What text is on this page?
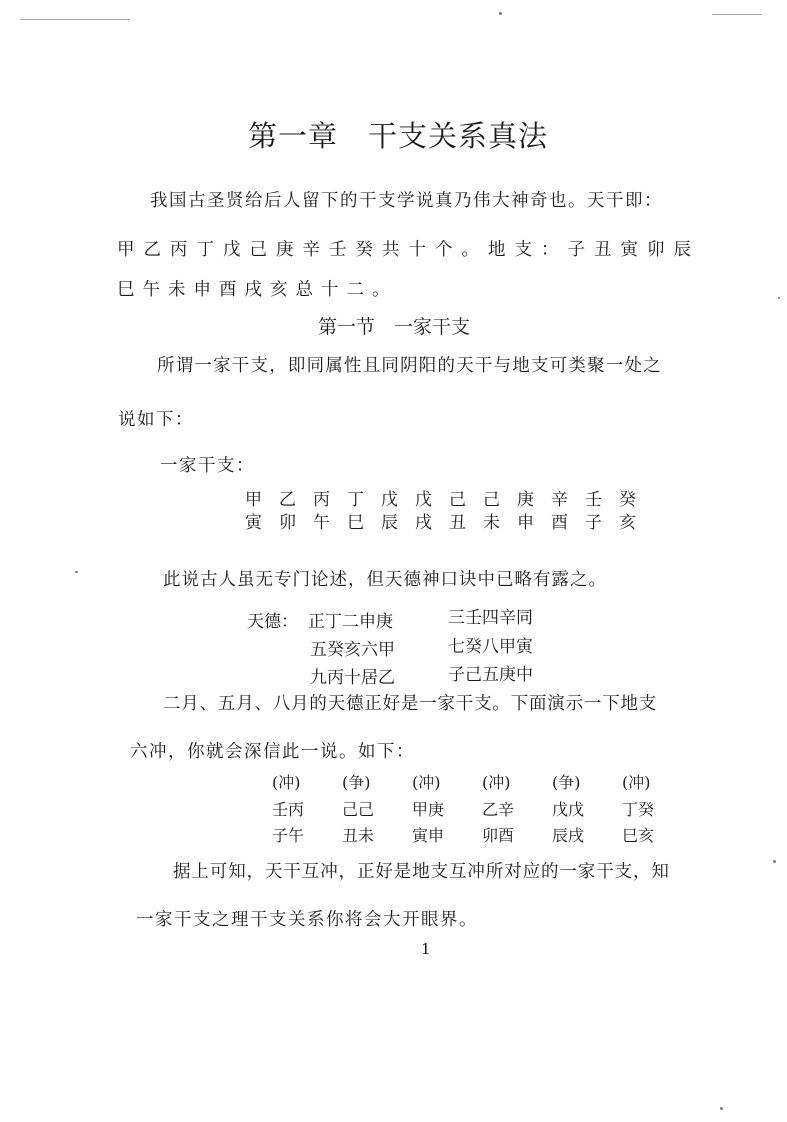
第一章　干支关系真法
我国古圣贤给后人留下的干支学说真乃伟大神奇也。天干即：
甲乙丙丁戊己庚辛壬癸共十个。地支：子丑寅卯辰
巳午未申酉戌亥总十二。
第一节　一家干支
所谓一家干支，即同属性且同阴阳的天干与地支可类聚一处之
说如下：
一家干支：
甲 乙 丙 丁 戊 戊 己 己 庚 辛 壬 癸
寅 卯 午 巳 辰 戌 丑 未 申 酉 子 亥
此说古人虽无专门论述，但天德神口诀中已略有露之。
天德： 正丁二申庚	三壬四辛同
五癸亥六甲	七癸八甲寅
九丙十居乙	子己五庚中
二月、五月、八月的天德正好是一家干支。下面演示一下地支
六冲，你就会深信此一说。如下：
(冲)	(争)	(冲)	(冲)	(争)	(冲)
壬丙 己己 甲庚 乙辛 戊戊 丁癸
子午 丑未 寅申 卯酉 辰戌 巳亥
据上可知，天干互冲，正好是地支互冲所对应的一家干支，知
一家干支之理干支关系你将会大开眼界。
1
